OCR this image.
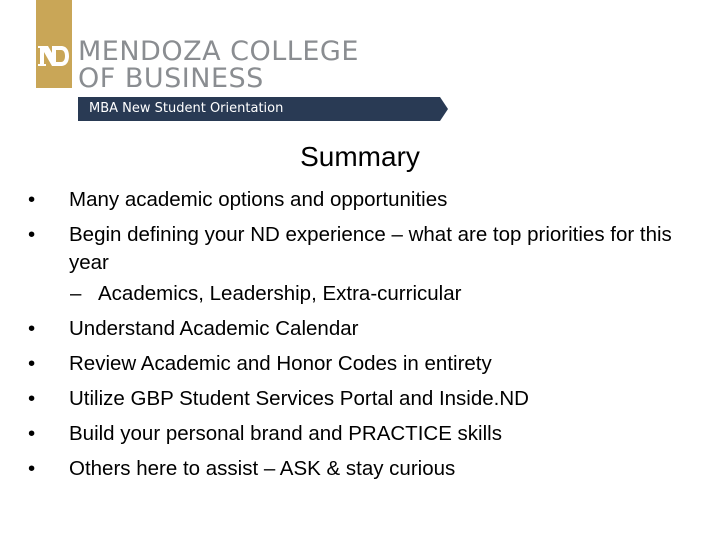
MENDOZA COLLEGE
OF BUSINESS
MBA New Student Orientation
Summary
•	Many academic options and opportunities
•	Begin defining your ND experience – what are top priorities for this year
– Academics, Leadership, Extra-curricular
•	Understand Academic Calendar
•	Review Academic and Honor Codes in entirety
•	Utilize GBP Student Services Portal and Inside.ND
•	Build your personal brand and PRACTICE skills
•	Others here to assist – ASK & stay curious
